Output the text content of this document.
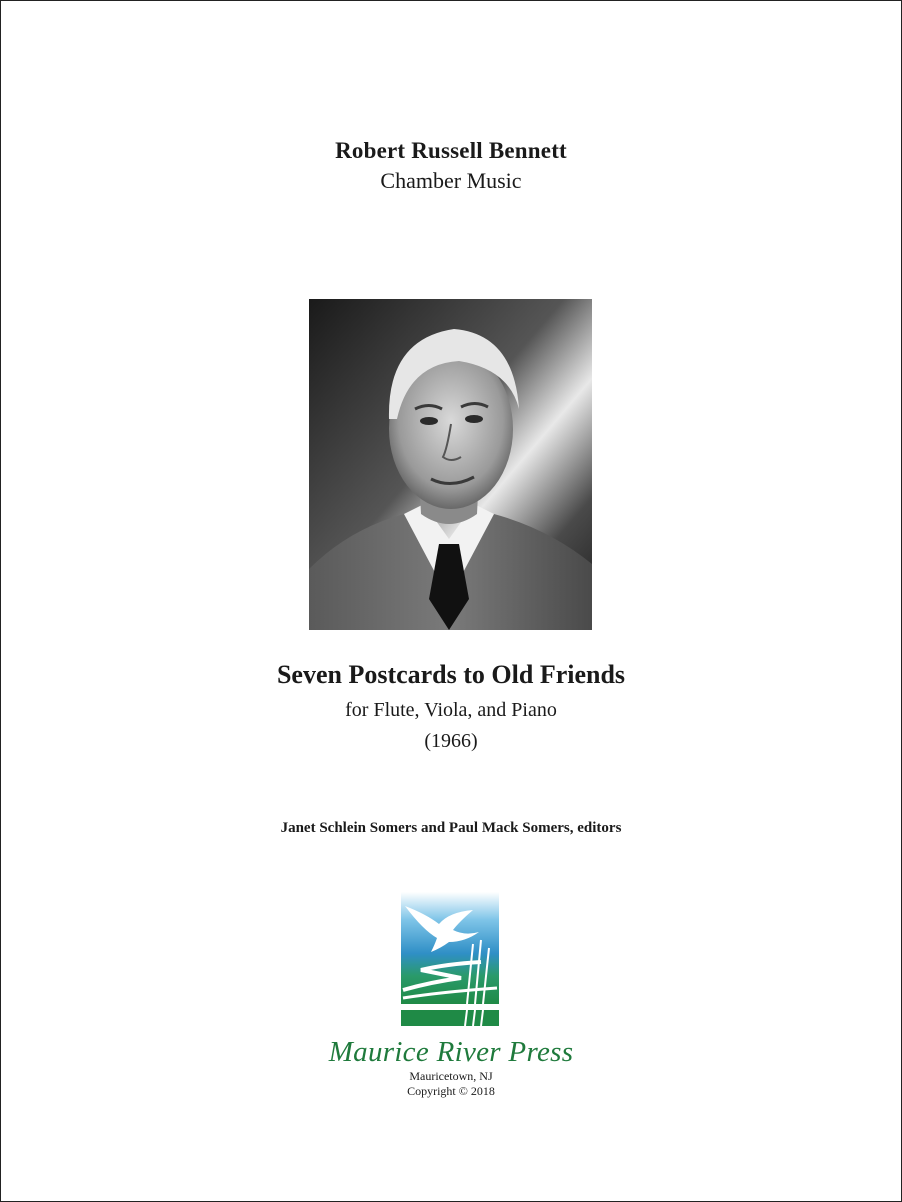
Robert Russell Bennett
Chamber Music
Seven Postcards to Old Friends
for Flute, Viola, and Piano
(1966)
Janet Schlein Somers and Paul Mack Somers, editors
Maurice River Press
Mauricetown, NJ
Copyright © 2018
